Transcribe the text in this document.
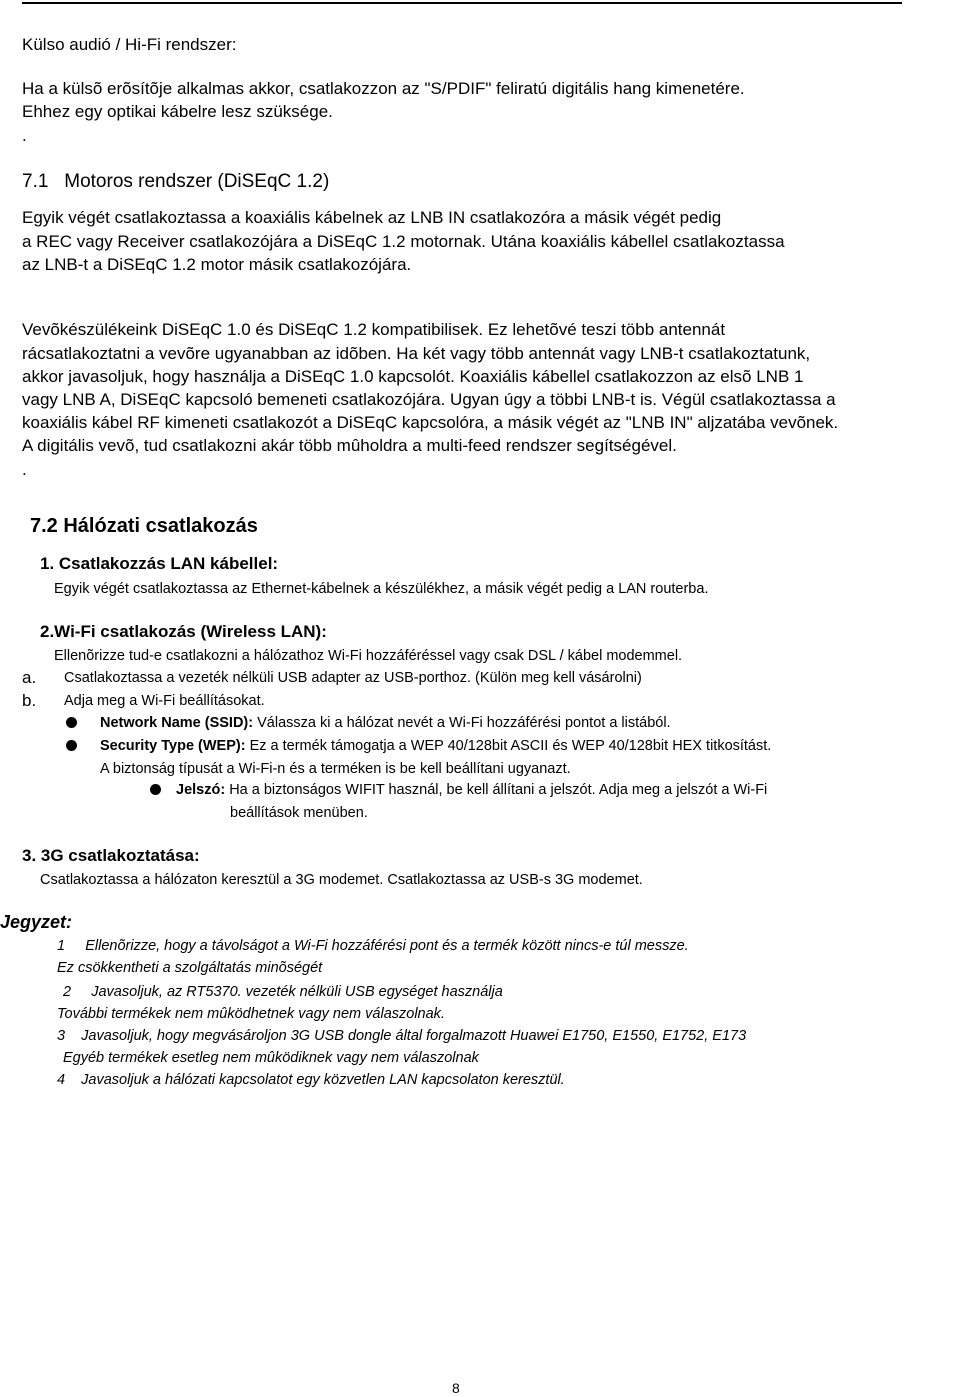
Külso audió / Hi-Fi rendszer:
Ha a külsõ erõsítõje alkalmas akkor, csatlakozzon az "S/PDIF" feliratú digitális hang kimenetére.
Ehhez egy optikai kábelre lesz szüksége.
.
7.1   Motoros rendszer (DiSEqC 1.2)
Egyik végét csatlakoztassa a koaxiális kábelnek az LNB IN csatlakozóra a másik végét pedig
a REC vagy Receiver csatlakozójára a DiSEqC 1.2 motornak. Utána koaxiális kábellel csatlakoztassa
az LNB-t a DiSEqC 1.2 motor másik csatlakozójára.
Vevõkészülékeink DiSEqC 1.0 és DiSEqC 1.2 kompatibilisek. Ez lehetõvé teszi több antennát
rácsatlakoztatni a vevõre ugyanabban az idõben. Ha két vagy több antennát vagy LNB-t csatlakoztatunk,
akkor javasoljuk, hogy használja a DiSEqC 1.0 kapcsolót. Koaxiális kábellel csatlakozzon az elsõ LNB 1
vagy LNB A, DiSEqC kapcsoló bemeneti csatlakozójára. Ugyan úgy a többi LNB-t is. Végül csatlakoztassa a
koaxiális kábel RF kimeneti csatlakozót a DiSEqC kapcsolóra, a másik végét az "LNB IN" aljzatába vevõnek.
A digitális vevõ, tud csatlakozni akár több mûholdra a multi-feed rendszer segítségével.
.
7.2 Hálózati csatlakozás
1. Csatlakozzás LAN kábellel:
Egyik végét csatlakoztassa az Ethernet-kábelnek a készülékhez, a másik végét pedig a LAN routerba.
2.Wi-Fi csatlakozás (Wireless LAN):
Ellenõrizze tud-e csatlakozni a hálózathoz Wi-Fi hozzáféréssel vagy csak DSL / kábel modemmel.
a. Csatlakoztassa a vezeték nélküli USB adapter az USB-porthoz. (Külön meg kell vásárolni)
b. Adja meg a Wi-Fi beállításokat.
Network Name (SSID): Válassza ki a hálózat nevét a Wi-Fi hozzáférési pontot a listából.
Security Type (WEP): Ez a termék támogatja a WEP 40/128bit ASCII és WEP 40/128bit HEX titkosítást.
A biztonság típusát a Wi-Fi-n és a terméken is be kell beállítani ugyanazt.
Jelszó: Ha a biztonságos WIFIT használ, be kell állítani a jelszót. Adja meg a jelszót a Wi-Fi
beállítások menüben.
3. 3G csatlakoztatása:
Csatlakoztassa a hálózaton keresztül a 3G modemet. Csatlakoztassa az USB-s 3G modemet.
Jegyzet:
1     Ellenõrizze, hogy a távolságot a Wi-Fi hozzáférési pont és a termék között nincs-e túl messze.
Ez csökkentheti a szolgáltatás minõségét
2     Javasoljuk, az RT5370. vezeték nélküli USB egységet használja
További termékek nem mûködhetnek vagy nem válaszolnak.
3    Javasoljuk, hogy megvásároljon 3G USB dongle által forgalmazott Huawei E1750, E1550, E1752, E173
Egyéb termékek esetleg nem mûködiknek vagy nem válaszolnak
4    Javasoljuk a hálózati kapcsolatot egy közvetlen LAN kapcsolaton keresztül.
8
